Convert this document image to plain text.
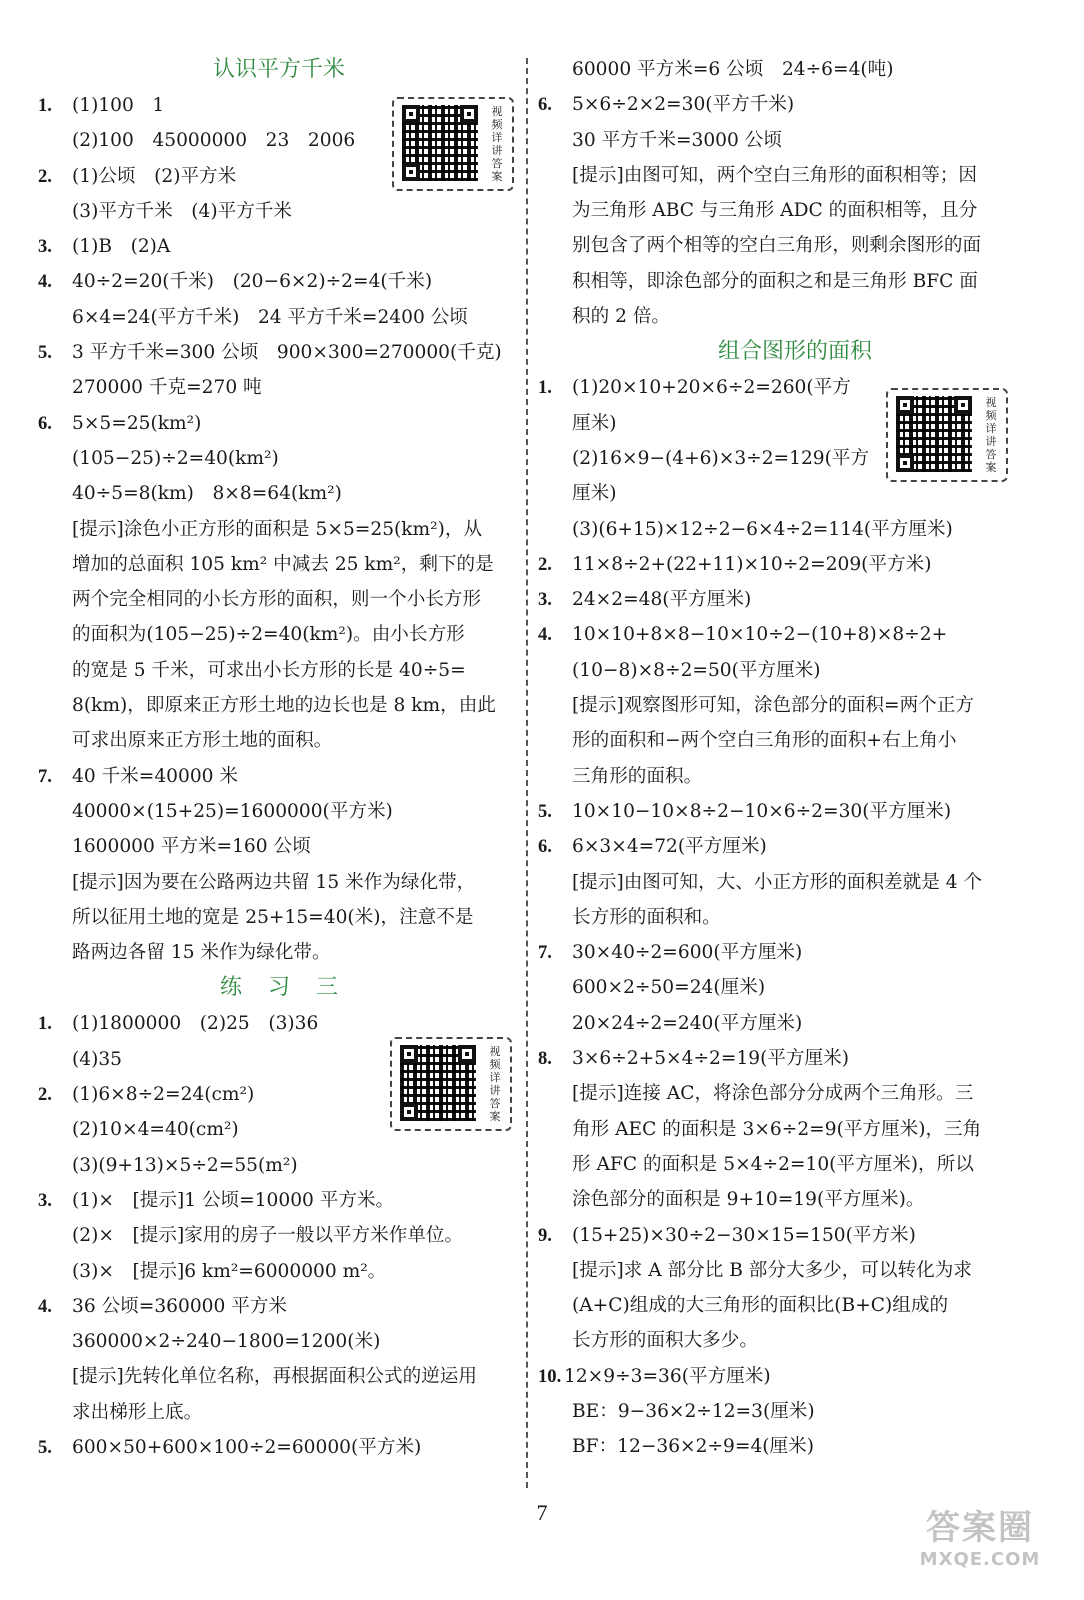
认识平方千米
1.	(1)100　1
(2)100　45000000　23　2006
2.	(1)公顷　(2)平方米
(3)平方千米　(4)平方千米
3.	(1)B　(2)A
4.	40÷2=20(千米)　(20−6×2)÷2=4(千米)
6×4=24(平方千米)　24 平方千米=2400 公顷
5.	3 平方千米=300 公顷　900×300=270000(千克)
270000 千克=270 吨
6.	5×5=25(km²)
(105−25)÷2=40(km²)
40÷5=8(km)　8×8=64(km²)
[提示]涂色小正方形的面积是 5×5=25(km²)，从
增加的总面积 105 km² 中减去 25 km²，剩下的是
两个完全相同的小长方形的面积，则一个小长方形
的面积为(105−25)÷2=40(km²)。由小长方形
的宽是 5 千米，可求出小长方形的长是 40÷5=
8(km)，即原来正方形土地的边长也是 8 km，由此
可求出原来正方形土地的面积。
7.	40 千米=40000 米
40000×(15+25)=1600000(平方米)
1600000 平方米=160 公顷
[提示]因为要在公路两边共留 15 米作为绿化带，
所以征用土地的宽是 25+15=40(米)，注意不是
路两边各留 15 米作为绿化带。
练习三
1.	(1)1800000　(2)25　(3)36
(4)35
2.	(1)6×8÷2=24(cm²)
(2)10×4=40(cm²)
(3)(9+13)×5÷2=55(m²)
3.	(1)×　[提示]1 公顷=10000 平方米。
(2)×　[提示]家用的房子一般以平方米作单位。
(3)×　[提示]6 km²=6000000 m²。
4.	36 公顷=360000 平方米
360000×2÷240−1800=1200(米)
[提示]先转化单位名称，再根据面积公式的逆运用
求出梯形上底。
5.	600×50+600×100÷2=60000(平方米)
60000 平方米=6 公顷　24÷6=4(吨)
6.	5×6÷2×2=30(平方千米)
30 平方千米=3000 公顷
[提示]由图可知，两个空白三角形的面积相等；因
为三角形 ABC 与三角形 ADC 的面积相等，且分
别包含了两个相等的空白三角形，则剩余图形的面
积相等，即涂色部分的面积之和是三角形 BFC 面
积的 2 倍。
组合图形的面积
1.	(1)20×10+20×6÷2=260(平方
厘米)
(2)16×9−(4+6)×3÷2=129(平方
厘米)
(3)(6+15)×12÷2−6×4÷2=114(平方厘米)
2.	11×8÷2+(22+11)×10÷2=209(平方米)
3.	24×2=48(平方厘米)
4.	10×10+8×8−10×10÷2−(10+8)×8÷2+
(10−8)×8÷2=50(平方厘米)
[提示]观察图形可知，涂色部分的面积=两个正方
形的面积和−两个空白三角形的面积+右上角小
三角形的面积。
5.	10×10−10×8÷2−10×6÷2=30(平方厘米)
6.	6×3×4=72(平方厘米)
[提示]由图可知，大、小正方形的面积差就是 4 个
长方形的面积和。
7.	30×40÷2=600(平方厘米)
600×2÷50=24(厘米)
20×24÷2=240(平方厘米)
8.	3×6÷2+5×4÷2=19(平方厘米)
[提示]连接 AC，将涂色部分分成两个三角形。三
角形 AEC 的面积是 3×6÷2=9(平方厘米)，三角
形 AFC 的面积是 5×4÷2=10(平方厘米)，所以
涂色部分的面积是 9+10=19(平方厘米)。
9.	(15+25)×30÷2−30×15=150(平方米)
[提示]求 A 部分比 B 部分大多少，可以转化为求
(A+C)组成的大三角形的面积比(B+C)组成的
长方形的面积大多少。
10. 12×9÷3=36(平方厘米)
BE：9−36×2÷12=3(厘米)
BF：12−36×2÷9=4(厘米)
视频详讲答案
视频详讲答案
视频详讲答案
7	答案圈
MXQE.COM
